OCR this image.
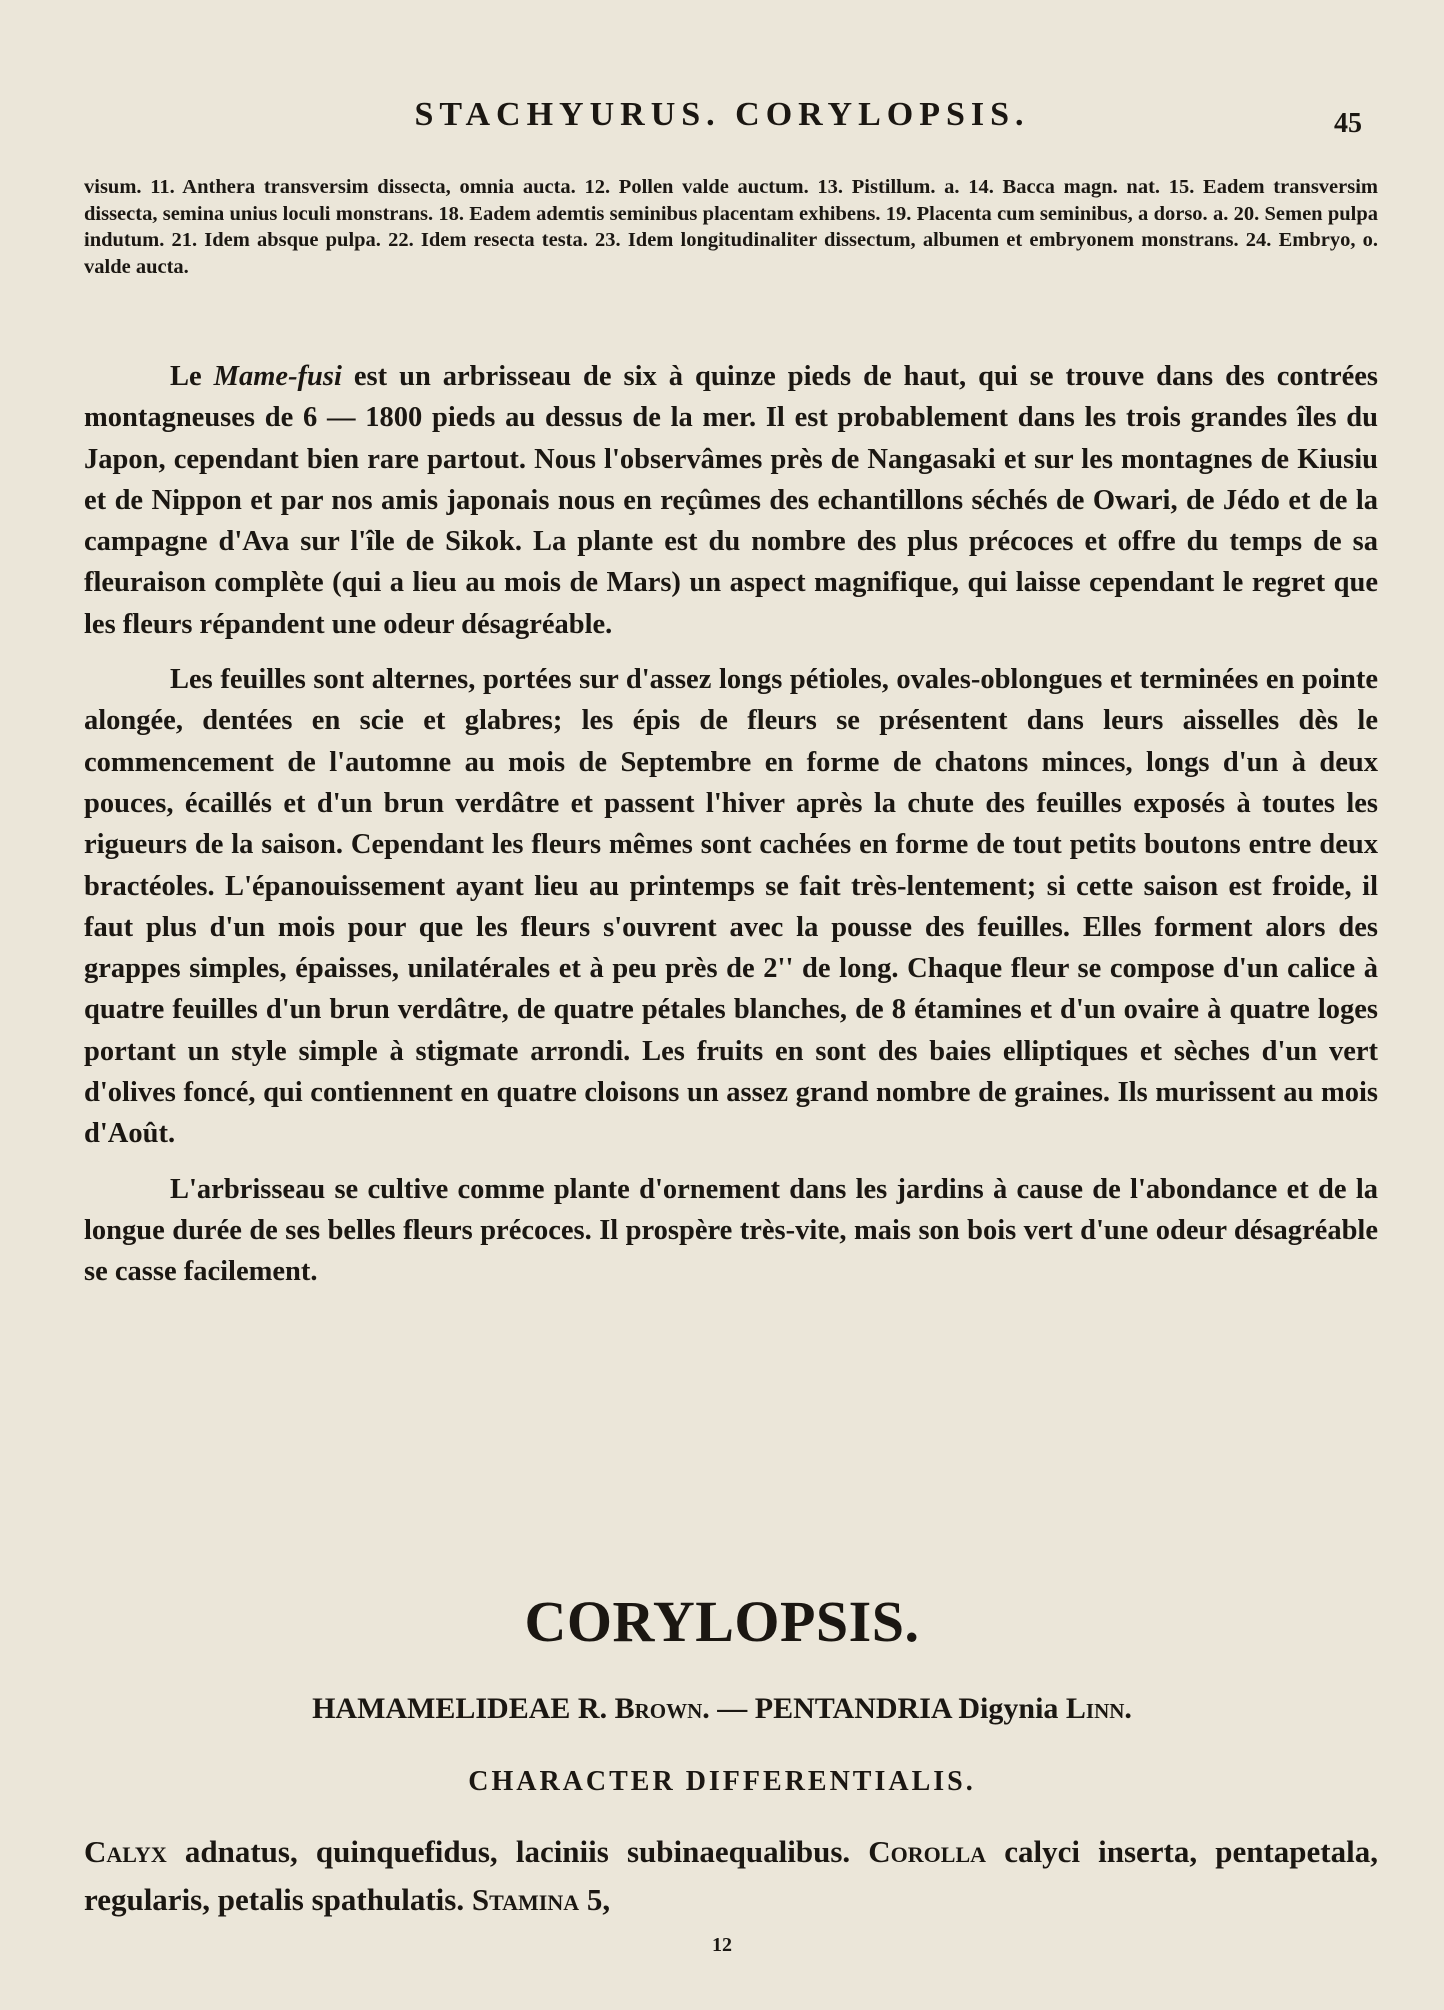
STACHYURUS. CORYLOPSIS.	45
visum. 11. Anthera transversim dissecta, omnia aucta. 12. Pollen valde auctum. 13. Pistillum. a. 14. Bacca magn. nat. 15. Eadem transversim dissecta, semina unius loculi monstrans. 18. Eadem ademtis seminibus placentam exhibens. 19. Placenta cum seminibus, a dorso. a. 20. Semen pulpa indutum. 21. Idem absque pulpa. 22. Idem resecta testa. 23. Idem longitudinaliter dissectum, albumen et embryonem monstrans. 24. Embryo, o. valde aucta.

Le Mame-fusi est un arbrisseau de six à quinze pieds de haut, qui se trouve dans des contrées montagneuses de 6 — 1800 pieds au dessus de la mer. Il est probablement dans les trois grandes îles du Japon, cependant bien rare partout. Nous l'observâmes près de Nangasaki et sur les montagnes de Kiusiu et de Nippon et par nos amis japonais nous en reçûmes des echantillons séchés de Owari, de Jédo et de la campagne d'Ava sur l'île de Sikok. La plante est du nombre des plus précoces et offre du temps de sa fleuraison complète (qui a lieu au mois de Mars) un aspect magnifique, qui laisse cependant le regret que les fleurs répandent une odeur désagréable.

Les feuilles sont alternes, portées sur d'assez longs pétioles, ovales-oblongues et terminées en pointe alongée, dentées en scie et glabres; les épis de fleurs se présentent dans leurs aisselles dès le commencement de l'automne au mois de Septembre en forme de chatons minces, longs d'un à deux pouces, écaillés et d'un brun verdâtre et passent l'hiver après la chute des feuilles exposés à toutes les rigueurs de la saison. Cependant les fleurs mêmes sont cachées en forme de tout petits boutons entre deux bractéoles. L'épanouissement ayant lieu au printemps se fait très-lentement; si cette saison est froide, il faut plus d'un mois pour que les fleurs s'ouvrent avec la pousse des feuilles. Elles forment alors des grappes simples, épaisses, unilatérales et à peu près de 2'' de long. Chaque fleur se compose d'un calice à quatre feuilles d'un brun verdâtre, de quatre pétales blanches, de 8 étamines et d'un ovaire à quatre loges portant un style simple à stigmate arrondi. Les fruits en sont des baies elliptiques et sèches d'un vert d'olives foncé, qui contiennent en quatre cloisons un assez grand nombre de graines. Ils murissent au mois d'Août.

L'arbrisseau se cultive comme plante d'ornement dans les jardins à cause de l'abondance et de la longue durée de ses belles fleurs précoces. Il prospère très-vite, mais son bois vert d'une odeur désagréable se casse facilement.

CORYLOPSIS.
HAMAMELIDEAE R. Brown. — PENTANDRIA Digynia Linn.
CHARACTER DIFFERENTIALIS.

Calyx adnatus, quinquefidus, laciniis subinaequalibus. Corolla calyci inserta, pentapetala, regularis, petalis spathulatis. Stamina 5,

12
